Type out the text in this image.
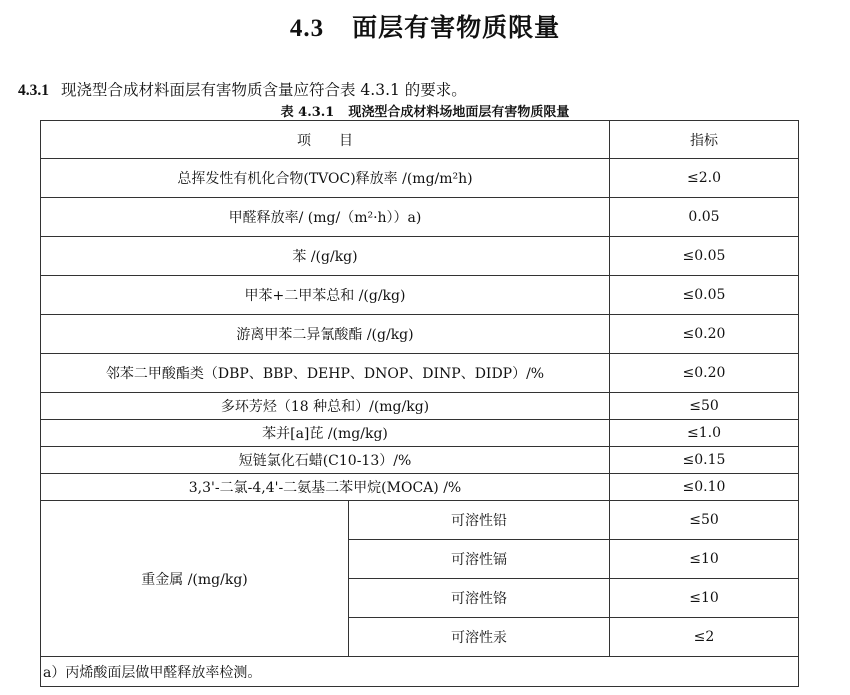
4.3 面层有害物质限量
4.3.1 现浇型合成材料面层有害物质含量应符合表 4.3.1 的要求。
表 4.3.1 现浇型合成材料场地面层有害物质限量
项　　目		指标
总挥发性有机化合物(TVOC)释放率 /(mg/m²h)		≤2.0
甲醛释放率/ (mg/（m²·h））a)		0.05
苯 /(g/kg)		≤0.05
甲苯+二甲苯总和 /(g/kg)		≤0.05
游离甲苯二异氰酸酯 /(g/kg)		≤0.20
邻苯二甲酸酯类（DBP、BBP、DEHP、DNOP、DINP、DIDP）/%		≤0.20
多环芳烃（18 种总和）/(mg/kg)		≤50
苯并[a]芘 /(mg/kg)		≤1.0
短链氯化石蜡(C10-13）/%		≤0.15
3,3'-二氯-4,4'-二氨基二苯甲烷(MOCA) /%		≤0.10
重金属 /(mg/kg)	可溶性铅	≤50
	可溶性镉	≤10
	可溶性铬	≤10
	可溶性汞	≤2
a）丙烯酸面层做甲醛释放率检测。		
